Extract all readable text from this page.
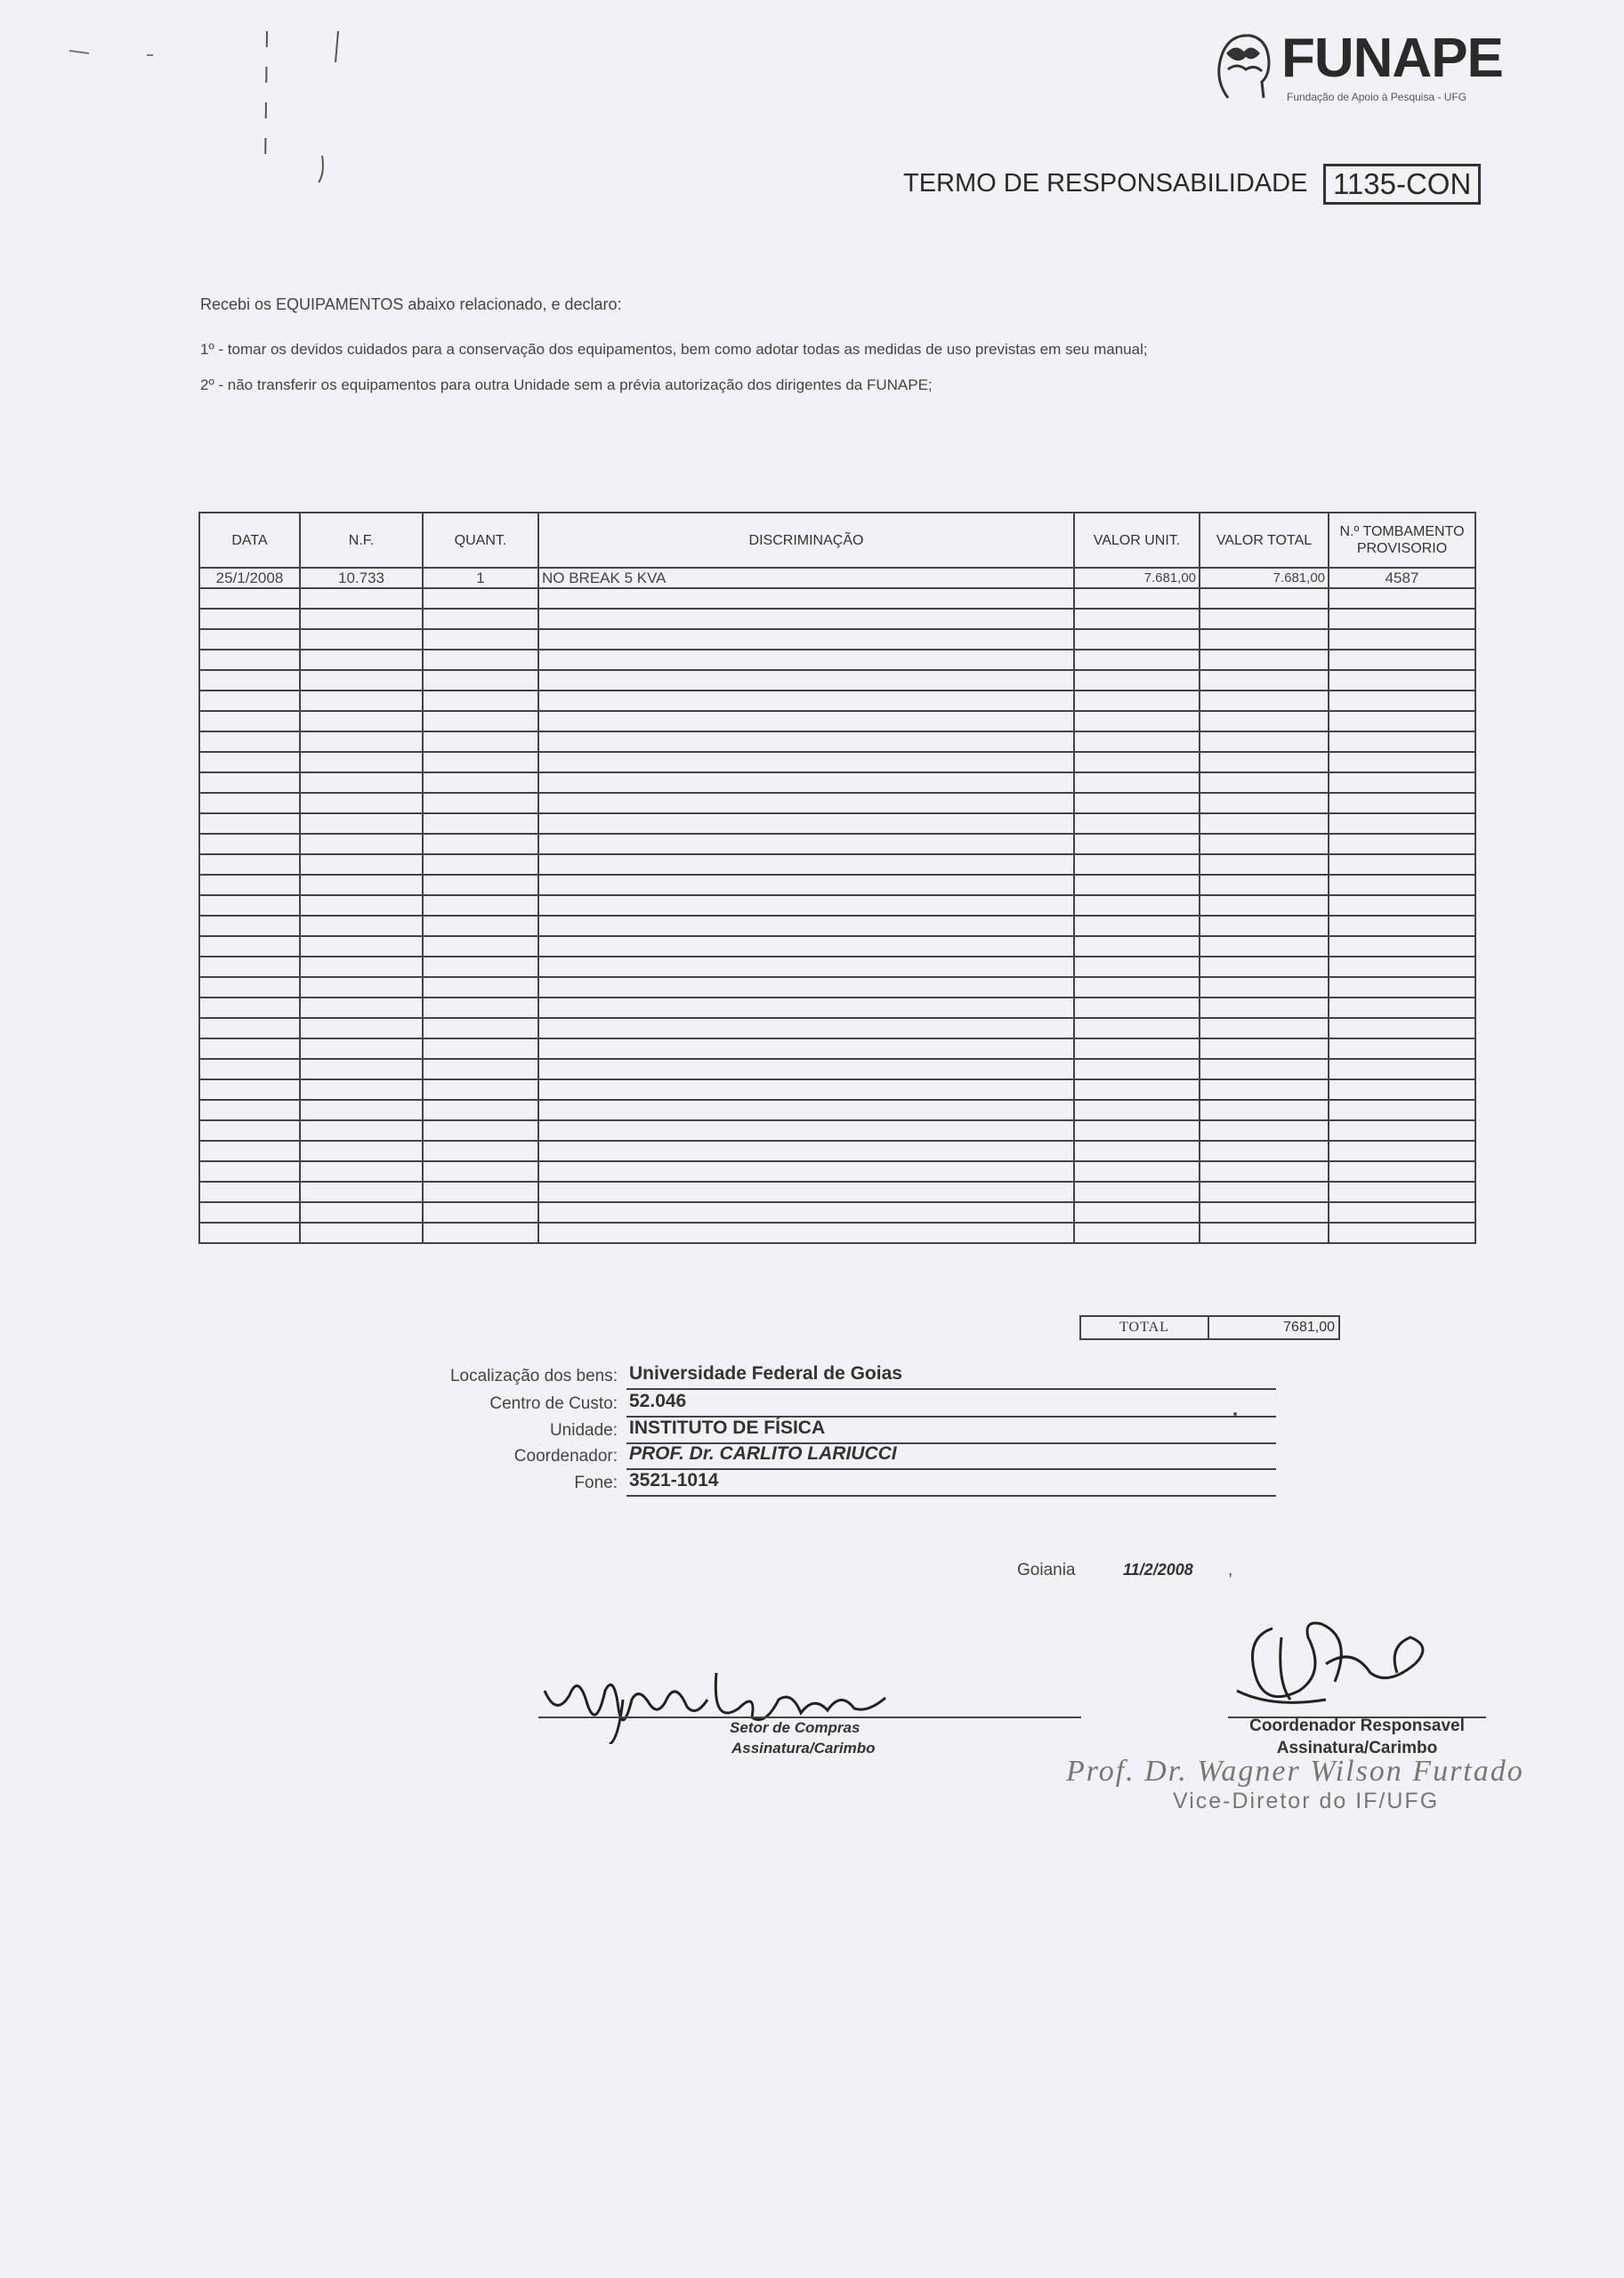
FUNAPE
Fundação de Apoio à Pesquisa - UFG
TERMO DE RESPONSABILIDADE 1135-CON
Recebi os EQUIPAMENTOS abaixo relacionado, e declaro:
1º - tomar os devidos cuidados para a conservação dos equipamentos, bem como adotar todas as medidas de uso previstas em seu manual;
2º - não transferir os equipamentos para outra Unidade sem a prévia autorização dos dirigentes da FUNAPE;
DATA	N.F.	QUANT.	DISCRIMINAÇÃO	VALOR UNIT.	VALOR TOTAL	N.º TOMBAMENTO
PROVISORIO

25/1/2008	10.733	1	NO BREAK 5 KVA	7.681,00	7.681,00	4587

TOTAL	7681,00
Localização dos bens: Universidade Federal de Goias
Centro de Custo: 52.046
Unidade: INSTITUTO DE FÍSICA
Coordenador: PROF. Dr. CARLITO LARIUCCI
Fone: 3521-1014
Goiania	11/2/2008 ,
Setor de Compras
Assinatura/Carimbo
Coordenador Responsavel
Assinatura/Carimbo
Prof. Dr. Wagner Wilson Furtado
Vice-Diretor do IF/UFG
